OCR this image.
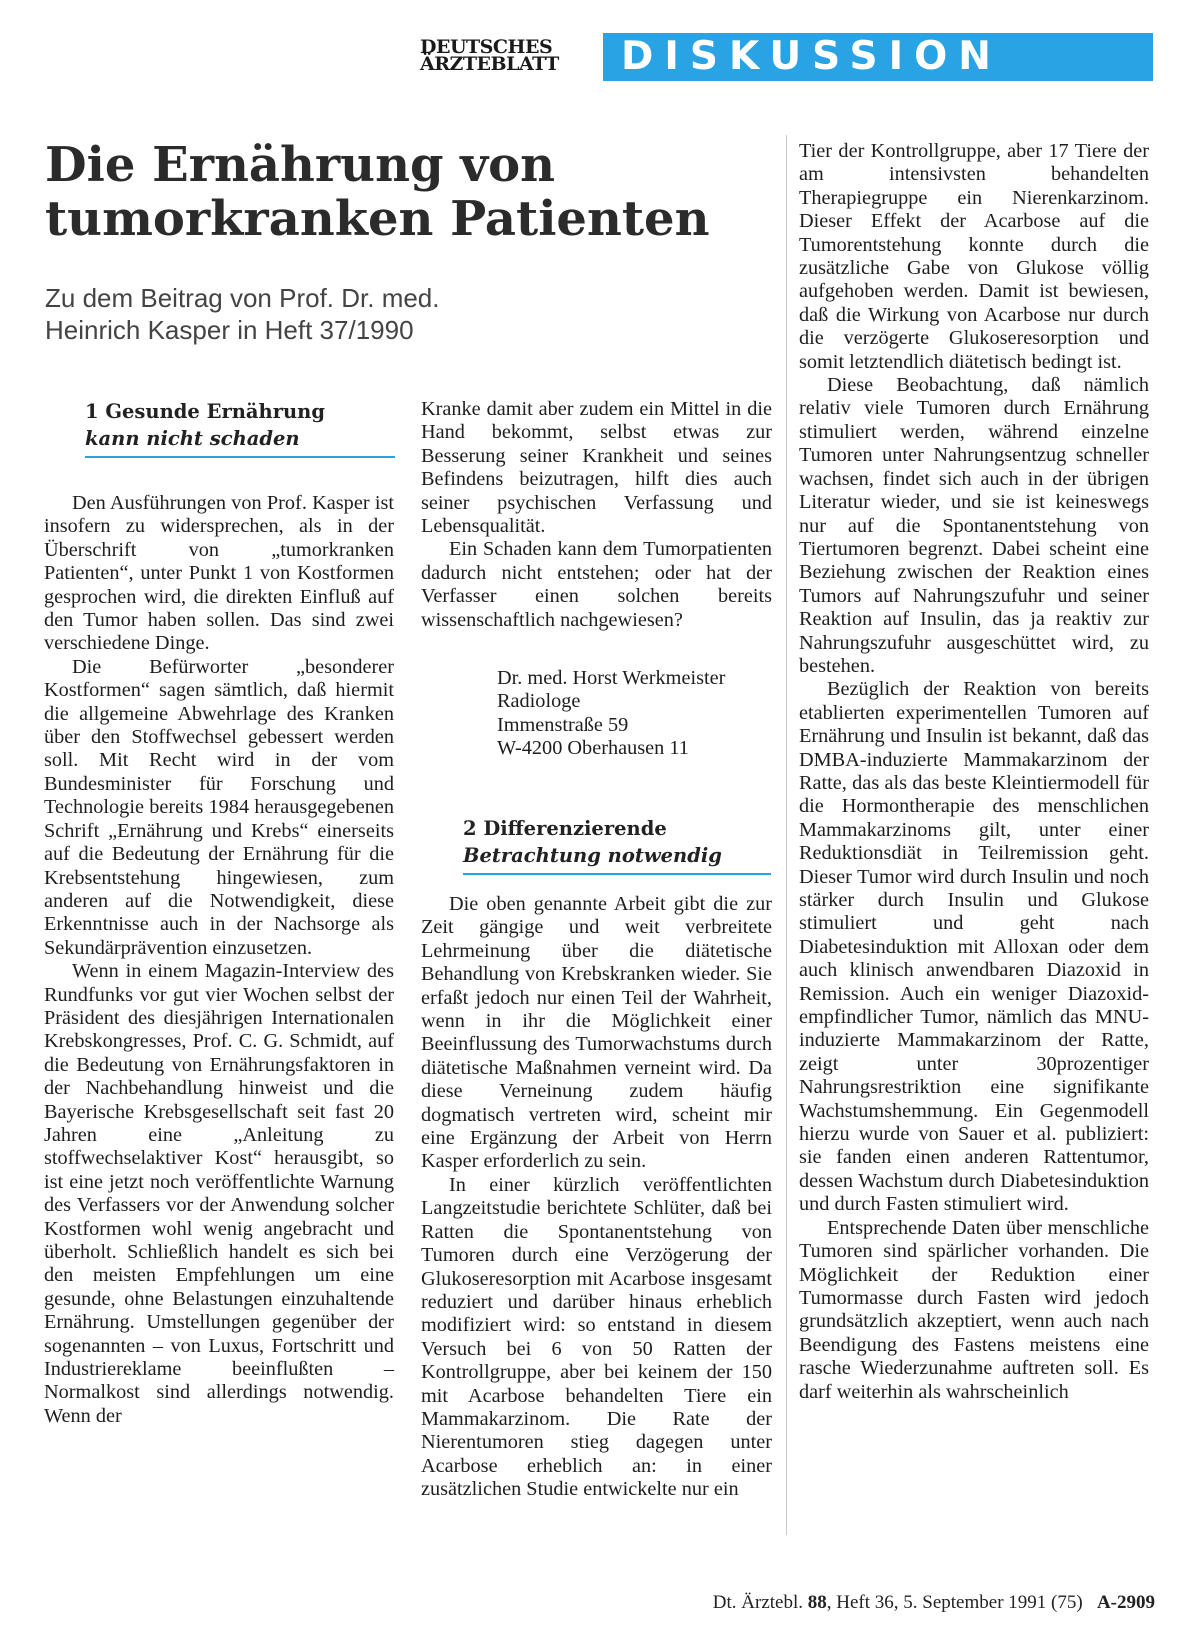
DEUTSCHES
ÄRZTEBLATT	DISKUSSION
Die Ernährung von
tumorkranken Patienten
Zu dem Beitrag von Prof. Dr. med.
Heinrich Kasper in Heft 37/1990
1 Gesunde Ernährung
kann nicht schaden

Den Ausführungen von Prof. Kasper ist insofern zu widersprechen, als in der Überschrift von „tumorkranken Patienten“, unter Punkt 1 von Kostformen gesprochen wird, die direkten Einfluß auf den Tumor haben sollen. Das sind zwei verschiedene Dinge.

Die Befürworter „besonderer Kostformen“ sagen sämtlich, daß hiermit die allgemeine Abwehrlage des Kranken über den Stoffwechsel gebessert werden soll. Mit Recht wird in der vom Bundesminister für Forschung und Technologie bereits 1984 herausgegebenen Schrift „Ernährung und Krebs“ einerseits auf die Bedeutung der Ernährung für die Krebsentstehung hingewiesen, zum anderen auf die Notwendigkeit, diese Erkenntnisse auch in der Nachsorge als Sekundärprävention einzusetzen.

Wenn in einem Magazin-Interview des Rundfunks vor gut vier Wochen selbst der Präsident des diesjährigen Internationalen Krebskongresses, Prof. C. G. Schmidt, auf die Bedeutung von Ernährungsfaktoren in der Nachbehandlung hinweist und die Bayerische Krebsgesellschaft seit fast 20 Jahren eine „Anleitung zu stoffwechselaktiver Kost“ herausgibt, so ist eine jetzt noch veröffentlichte Warnung des Verfassers vor der Anwendung solcher Kostformen wohl wenig angebracht und überholt. Schließlich handelt es sich bei den meisten Empfehlungen um eine gesunde, ohne Belastungen einzuhaltende Ernährung. Umstellungen gegenüber der sogenannten – von Luxus, Fortschritt und Industriereklame beeinflußten – Normalkost sind allerdings notwendig. Wenn der

Kranke damit aber zudem ein Mittel in die Hand bekommt, selbst etwas zur Besserung seiner Krankheit und seines Befindens beizutragen, hilft dies auch seiner psychischen Verfassung und Lebensqualität.

Ein Schaden kann dem Tumorpatienten dadurch nicht entstehen; oder hat der Verfasser einen solchen bereits wissenschaftlich nachgewiesen?

Dr. med. Horst Werkmeister
Radiologe
Immenstraße 59
W-4200 Oberhausen 11
2 Differenzierende
Betrachtung notwendig

Die oben genannte Arbeit gibt die zur Zeit gängige und weit verbreitete Lehrmeinung über die diätetische Behandlung von Krebskranken wieder. Sie erfaßt jedoch nur einen Teil der Wahrheit, wenn in ihr die Möglichkeit einer Beeinflussung des Tumorwachstums durch diätetische Maßnahmen verneint wird. Da diese Verneinung zudem häufig dogmatisch vertreten wird, scheint mir eine Ergänzung der Arbeit von Herrn Kasper erforderlich zu sein.

In einer kürzlich veröffentlichten Langzeitstudie berichtete Schlüter, daß bei Ratten die Spontanentstehung von Tumoren durch eine Verzögerung der Glukoseresorption mit Acarbose insgesamt reduziert und darüber hinaus erheblich modifiziert wird: so entstand in diesem Versuch bei 6 von 50 Ratten der Kontrollgruppe, aber bei keinem der 150 mit Acarbose behandelten Tiere ein Mammakarzinom. Die Rate der Nierentumoren stieg dagegen unter Acarbose erheblich an: in einer zusätzlichen Studie entwickelte nur ein

Tier der Kontrollgruppe, aber 17 Tiere der am intensivsten behandelten Therapiegruppe ein Nierenkarzinom. Dieser Effekt der Acarbose auf die Tumorentstehung konnte durch die zusätzliche Gabe von Glukose völlig aufgehoben werden. Damit ist bewiesen, daß die Wirkung von Acarbose nur durch die verzögerte Glukoseresorption und somit letztendlich diätetisch bedingt ist.

Diese Beobachtung, daß nämlich relativ viele Tumoren durch Ernährung stimuliert werden, während einzelne Tumoren unter Nahrungsentzug schneller wachsen, findet sich auch in der übrigen Literatur wieder, und sie ist keineswegs nur auf die Spontanentstehung von Tiertumoren begrenzt. Dabei scheint eine Beziehung zwischen der Reaktion eines Tumors auf Nahrungszufuhr und seiner Reaktion auf Insulin, das ja reaktiv zur Nahrungszufuhr ausgeschüttet wird, zu bestehen.

Bezüglich der Reaktion von bereits etablierten experimentellen Tumoren auf Ernährung und Insulin ist bekannt, daß das DMBA-induzierte Mammakarzinom der Ratte, das als das beste Kleintiermodell für die Hormontherapie des menschlichen Mammakarzinoms gilt, unter einer Reduktionsdiät in Teilremission geht. Dieser Tumor wird durch Insulin und noch stärker durch Insulin und Glukose stimuliert und geht nach Diabetesinduktion mit Alloxan oder dem auch klinisch anwendbaren Diazoxid in Remission. Auch ein weniger Diazoxid-empfindlicher Tumor, nämlich das MNU-induzierte Mammakarzinom der Ratte, zeigt unter 30prozentiger Nahrungsrestriktion eine signifikante Wachstumshemmung. Ein Gegenmodell hierzu wurde von Sauer et al. publiziert: sie fanden einen anderen Rattentumor, dessen Wachstum durch Diabetesinduktion und durch Fasten stimuliert wird.

Entsprechende Daten über menschliche Tumoren sind spärlicher vorhanden. Die Möglichkeit der Reduktion einer Tumormasse durch Fasten wird jedoch grundsätzlich akzeptiert, wenn auch nach Beendigung des Fastens meistens eine rasche Wiederzunahme auftreten soll. Es darf weiterhin als wahrscheinlich

Dt. Ärztebl. 88, Heft 36, 5. September 1991 (75) A-2909
